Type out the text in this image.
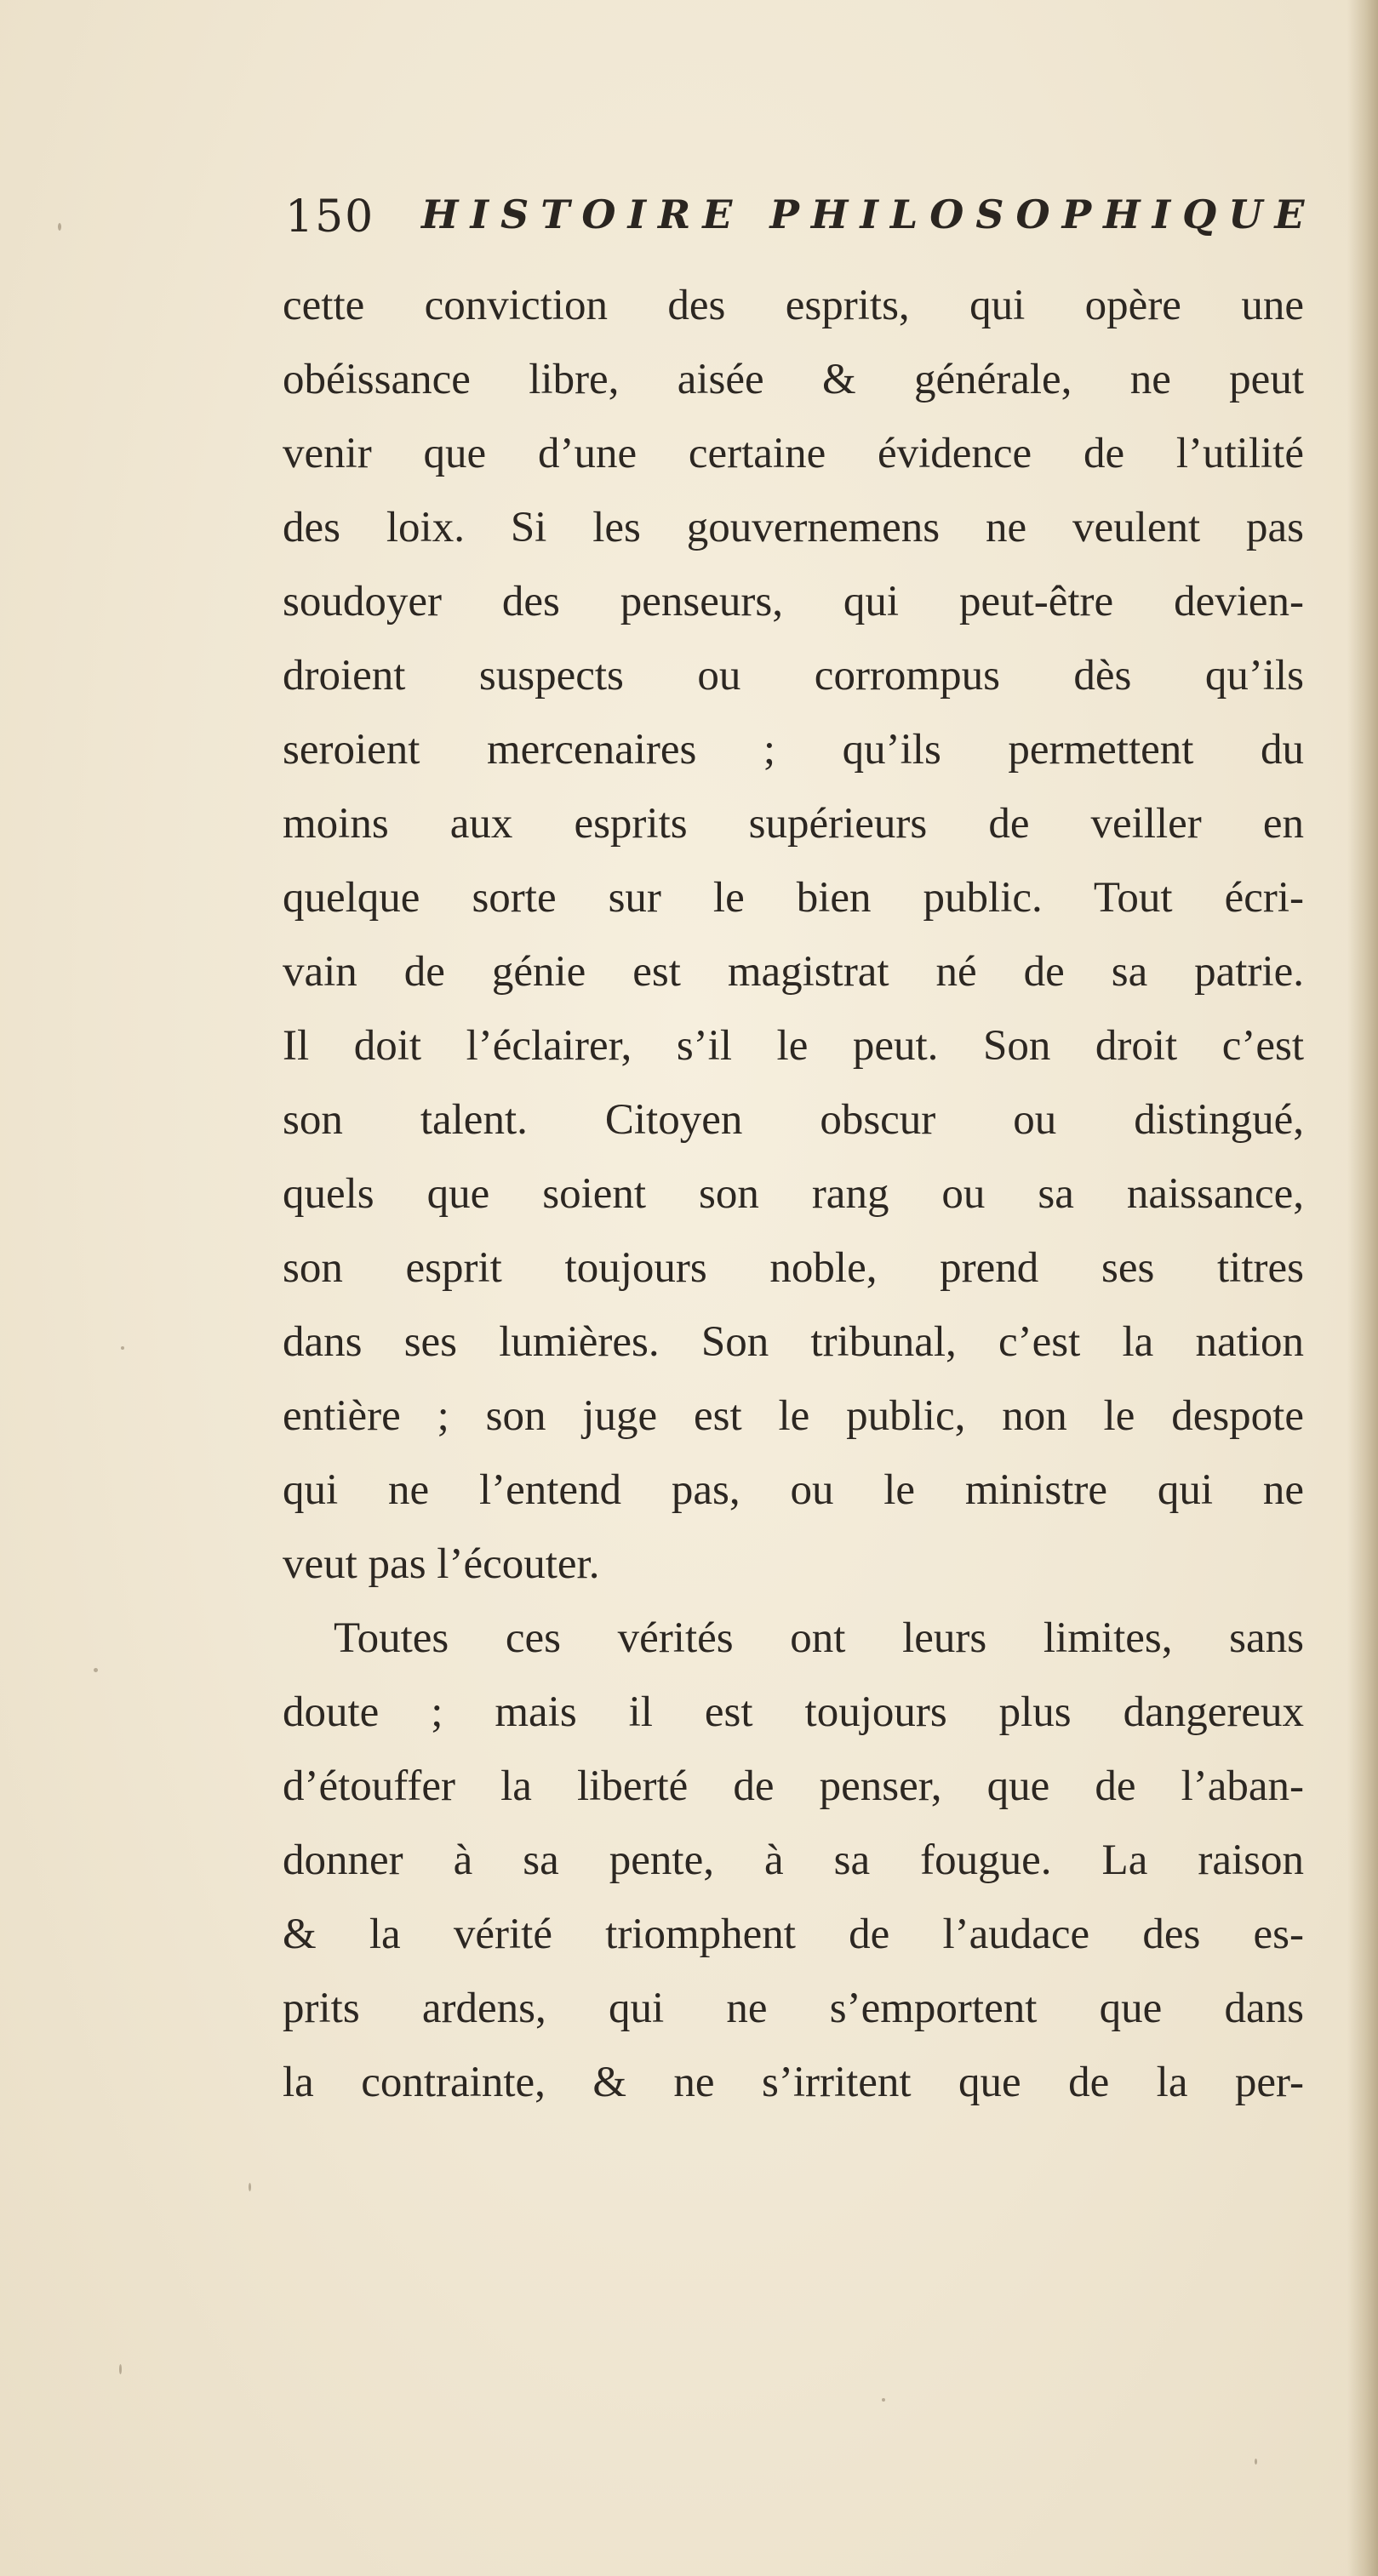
150 HISTOIRE PHILOSOPHIQUE
cette conviction des esprits, qui opère une
obéissance libre, aisée & générale, ne peut
venir que d’une certaine évidence de l’utilité
des loix. Si les gouvernemens ne veulent pas
soudoyer des penseurs, qui peut-être devien-
droient suspects ou corrompus dès qu’ils
seroient mercenaires ; qu’ils permettent du
moins aux esprits supérieurs de veiller en
quelque sorte sur le bien public. Tout écri-
vain de génie est magistrat né de sa patrie.
Il doit l’éclairer, s’il le peut. Son droit c’est
son talent. Citoyen obscur ou distingué,
quels que soient son rang ou sa naissance,
son esprit toujours noble, prend ses titres
dans ses lumières. Son tribunal, c’est la nation
entière ; son juge est le public, non le despote
qui ne l’entend pas, ou le ministre qui ne
veut pas l’écouter.
Toutes ces vérités ont leurs limites, sans
doute ; mais il est toujours plus dangereux
d’étouffer la liberté de penser, que de l’aban-
donner à sa pente, à sa fougue. La raison
& la vérité triomphent de l’audace des es-
prits ardens, qui ne s’emportent que dans
la contrainte, & ne s’irritent que de la per-
